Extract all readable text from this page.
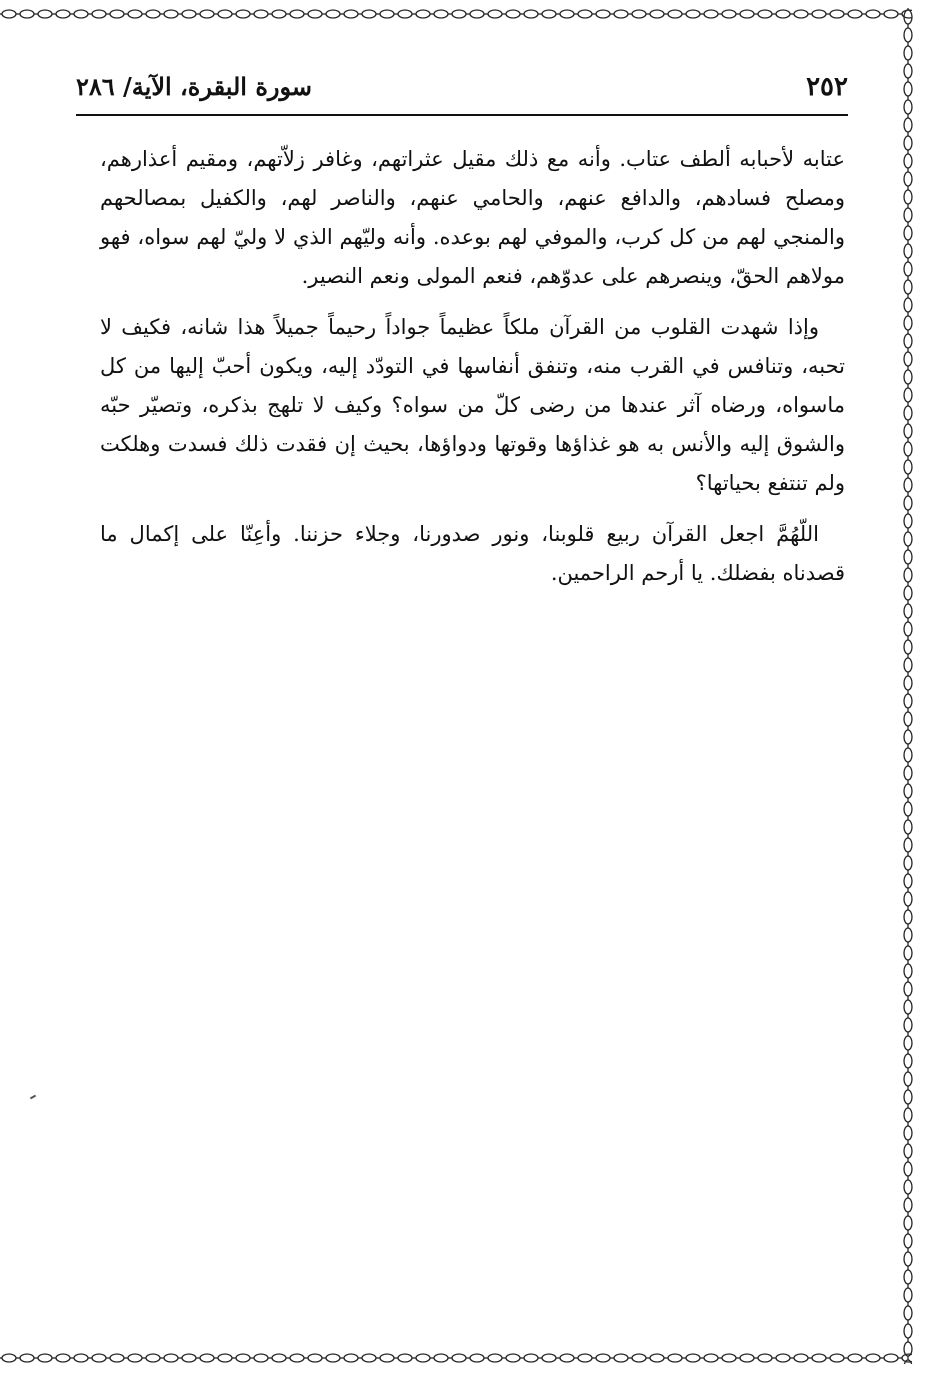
٢٥٢
سورة البقرة، الآية/ ٢٨٦

عتابه لأحبابه ألطف عتاب. وأنه مع ذلك مقيل عثراتهم، وغافر زلاّتهم، ومقيم أعذارهم، ومصلح فسادهم، والدافع عنهم، والحامي عنهم، والناصر لهم، والكفيل بمصالحهم والمنجي لهم من كل كرب، والموفي لهم بوعده. وأنه وليّهم الذي لا وليّ لهم سواه، فهو مولاهم الحقّ، وينصرهم على عدوّهم، فنعم المولى ونعم النصير.

وإذا شهدت القلوب من القرآن ملكاً عظيماً جواداً رحيماً جميلاً هذا شانه، فكيف لا تحبه، وتنافس في القرب منه، وتنفق أنفاسها في التودّد إليه، ويكون أحبّ إليها من كل ماسواه، ورضاه آثر عندها من رضى كلّ من سواه؟ وكيف لا تلهج بذكره، وتصيّر حبّه والشوق إليه والأنس به هو غذاؤها وقوتها ودواؤها، بحيث إن فقدت ذلك فسدت وهلكت ولم تنتفع بحياتها؟

اللّهُمَّ اجعل القرآن ربيع قلوبنا، ونور صدورنا، وجلاء حزننا. وأعِنّا على إكمال ما قصدناه بفضلك. يا أرحم الراحمين.
